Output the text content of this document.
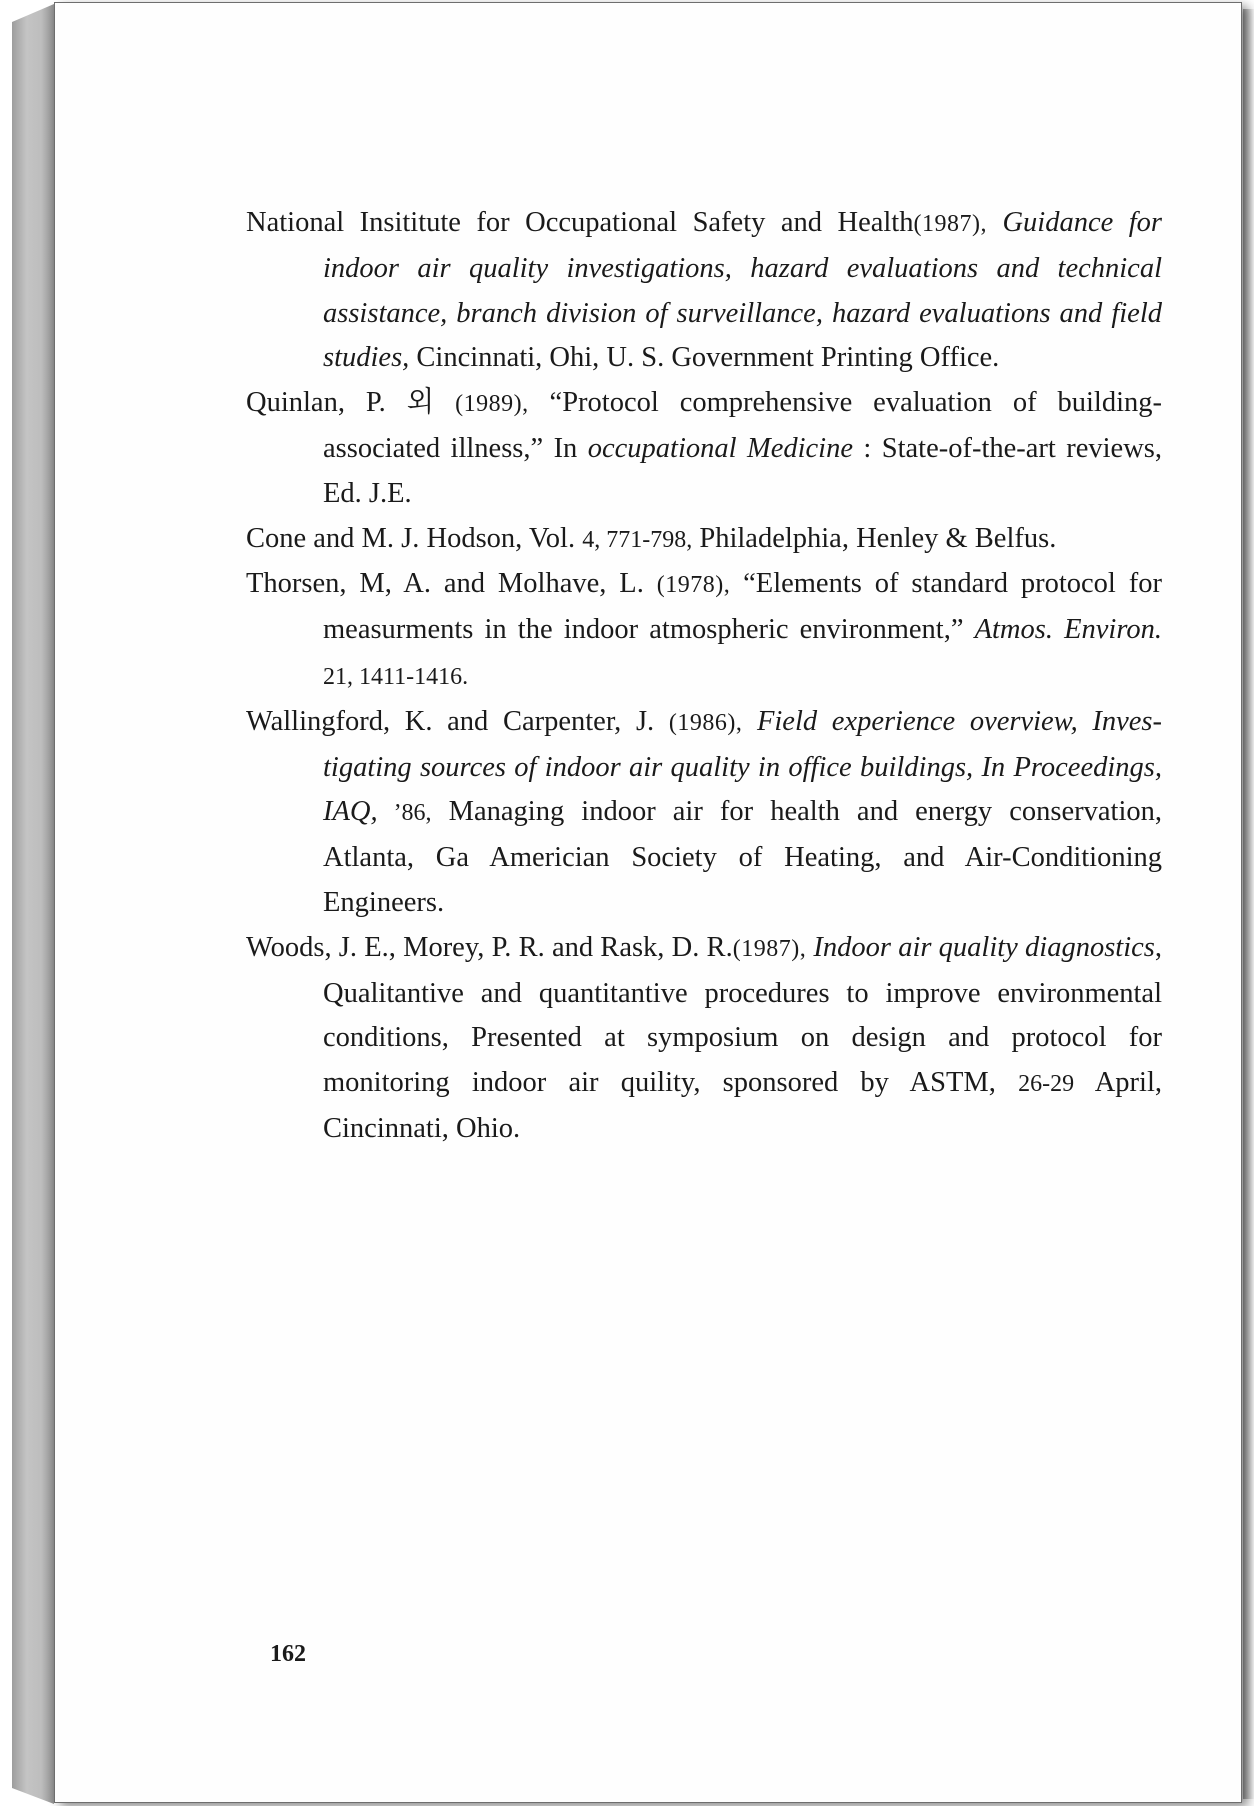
National Insititute for Occupational Safety and Health(1987), Guidance for indoor air quality investigations, hazard evaluations and technical assistance, branch division of surveillance, hazard evaluations and field studies, Cincinnati, Ohi, U. S. Government Printing Office.

Quinlan, P. 외 (1989), “Protocol comprehensive evaluation of building-associated illness,” In occupational Medicine : State-of-the-art reviews, Ed. J.E.

Cone and M. J. Hodson, Vol. 4, 771-798, Philadelphia, Henley & Belfus.

Thorsen, M, A. and Molhave, L. (1978), “Elements of standard protocol for measurments in the indoor atmospheric environment,” Atmos. Environ. 21, 1411-1416.

Wallingford, K. and Carpenter, J. (1986), Field experience overview, Inves-tigating sources of indoor air quality in office buildings, In Proceedings, IAQ, ’86, Managing indoor air for health and energy conservation, Atlanta, Ga Americian Society of Heating, and Air-Conditioning Engineers.

Woods, J. E., Morey, P. R. and Rask, D. R.(1987), Indoor air quality diagnostics, Qualitantive and quantitantive procedures to improve environmental conditions, Presented at symposium on design and protocol for monitoring indoor air quility, sponsored by ASTM, 26-29 April, Cincinnati, Ohio.

162
